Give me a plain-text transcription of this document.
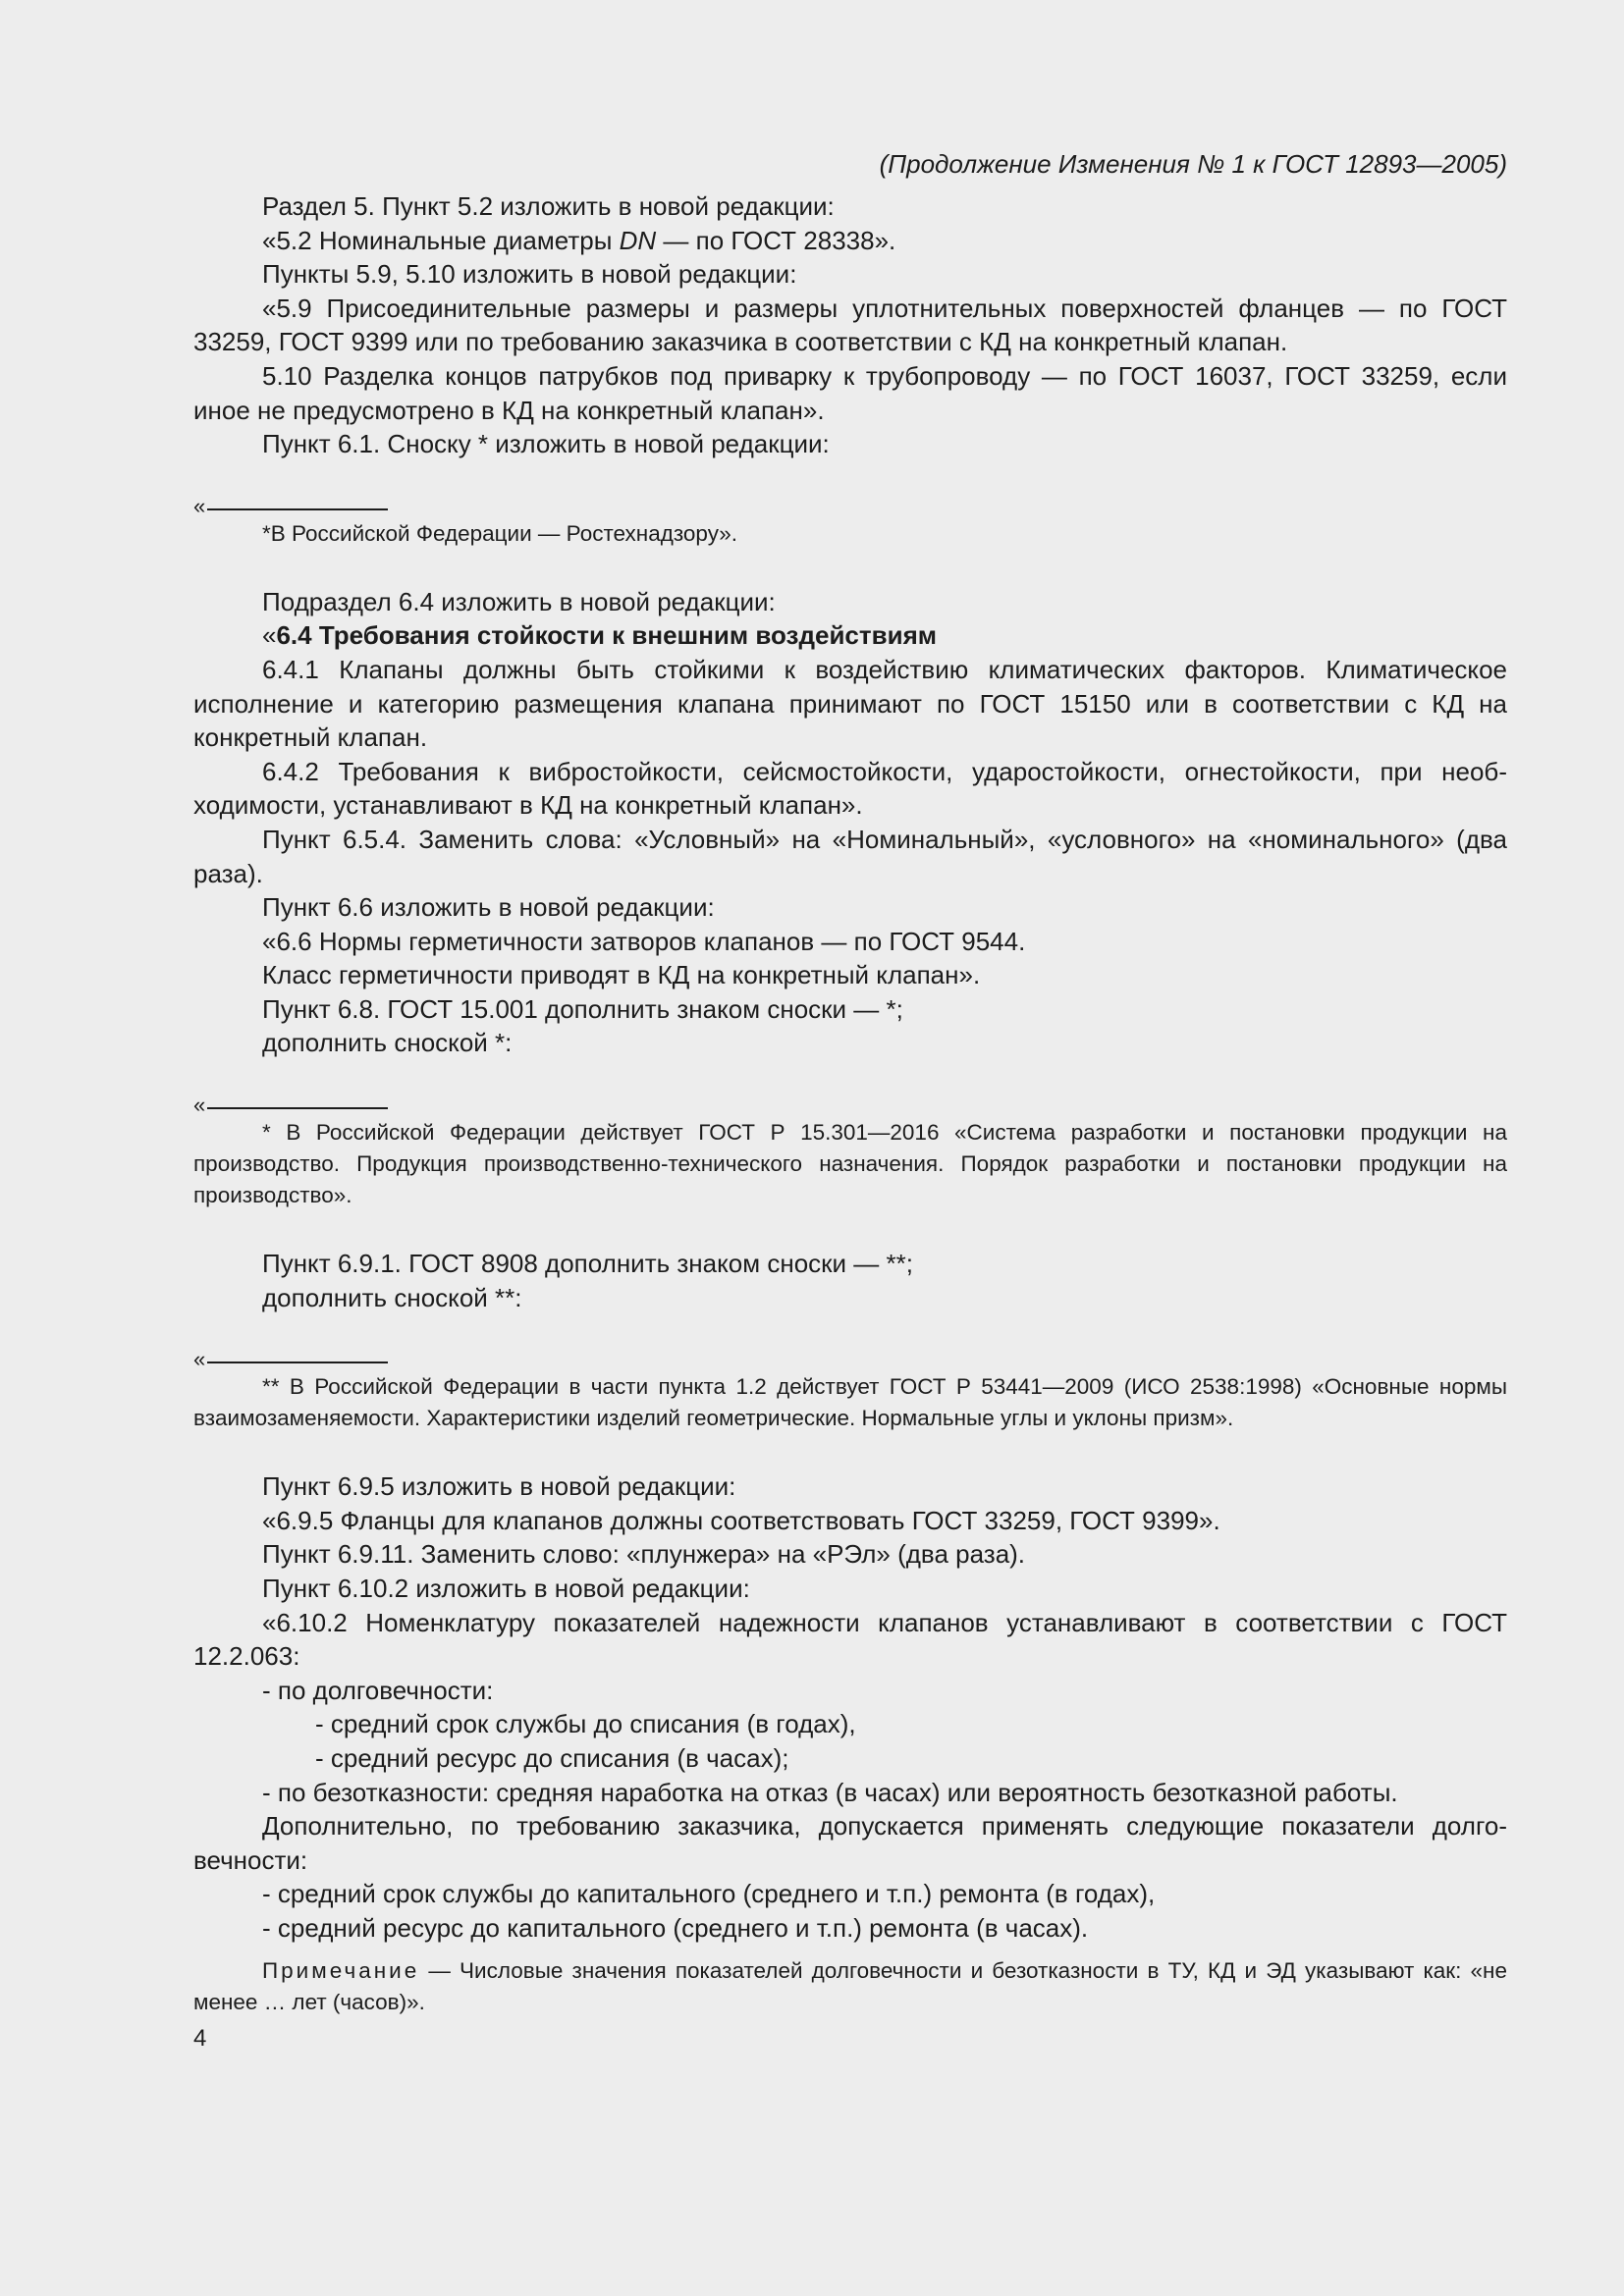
(Продолжение Изменения № 1 к ГОСТ 12893—2005)

Раздел 5. Пункт 5.2 изложить в новой редакции:

«5.2 Номинальные диаметры DN — по ГОСТ 28338».

Пункты 5.9, 5.10 изложить в новой редакции:

«5.9 Присоединительные размеры и размеры уплотнительных поверхностей фланцев — по ГОСТ 33259, ГОСТ 9399 или по требованию заказчика в соответствии с КД на конкретный клапан.

5.10 Разделка концов патрубков под приварку к трубопроводу — по ГОСТ 16037, ГОСТ 33259, если иное не предусмотрено в КД на конкретный клапан».

Пункт 6.1. Сноску * изложить в новой редакции:

«

*В Российской Федерации — Ростехнадзору».

Подраздел 6.4 изложить в новой редакции:

«6.4 Требования стойкости к внешним воздействиям

6.4.1 Клапаны должны быть стойкими к воздействию климатических факторов. Климатическое исполнение и категорию размещения клапана принимают по ГОСТ 15150 или в соответствии с КД на конкретный клапан.

6.4.2 Требования к вибростойкости, сейсмостойкости, ударостойкости, огнестойкости, при необходимости, устанавливают в КД на конкретный клапан».

Пункт 6.5.4. Заменить слова: «Условный» на «Номинальный», «условного» на «номинального» (два раза).

Пункт 6.6 изложить в новой редакции:

«6.6 Нормы герметичности затворов клапанов — по ГОСТ 9544.

Класс герметичности приводят в КД на конкретный клапан».

Пункт 6.8. ГОСТ 15.001 дополнить знаком сноски — *;

дополнить сноской *:

«

* В Российской Федерации действует ГОСТ Р 15.301—2016 «Система разработки и постановки продукции на производство. Продукция производственно-технического назначения. Порядок разработки и постановки продукции на производство».

Пункт 6.9.1. ГОСТ 8908 дополнить знаком сноски — **;

дополнить сноской **:

«

** В Российской Федерации в части пункта 1.2 действует ГОСТ Р 53441—2009 (ИСО 2538:1998) «Основные нормы взаимозаменяемости. Характеристики изделий геометрические. Нормальные углы и уклоны призм».

Пункт 6.9.5 изложить в новой редакции:

«6.9.5 Фланцы для клапанов должны соответствовать ГОСТ 33259, ГОСТ 9399».

Пункт 6.9.11. Заменить слово: «плунжера» на «РЭл» (два раза).

Пункт 6.10.2 изложить в новой редакции:

«6.10.2 Номенклатуру показателей надежности клапанов устанавливают в соответствии с ГОСТ 12.2.063:

- по долговечности:

- средний срок службы до списания (в годах),

- средний ресурс до списания (в часах);

- по безотказности: средняя наработка на отказ (в часах) или вероятность безотказной работы.

Дополнительно, по требованию заказчика, допускается применять следующие показатели долговечности:

- средний срок службы до капитального (среднего и т.п.) ремонта (в годах),

- средний ресурс до капитального (среднего и т.п.) ремонта (в часах).

Примечание — Числовые значения показателей долговечности и безотказности в ТУ, КД и ЭД указывают как: «не менее … лет (часов)».

4
